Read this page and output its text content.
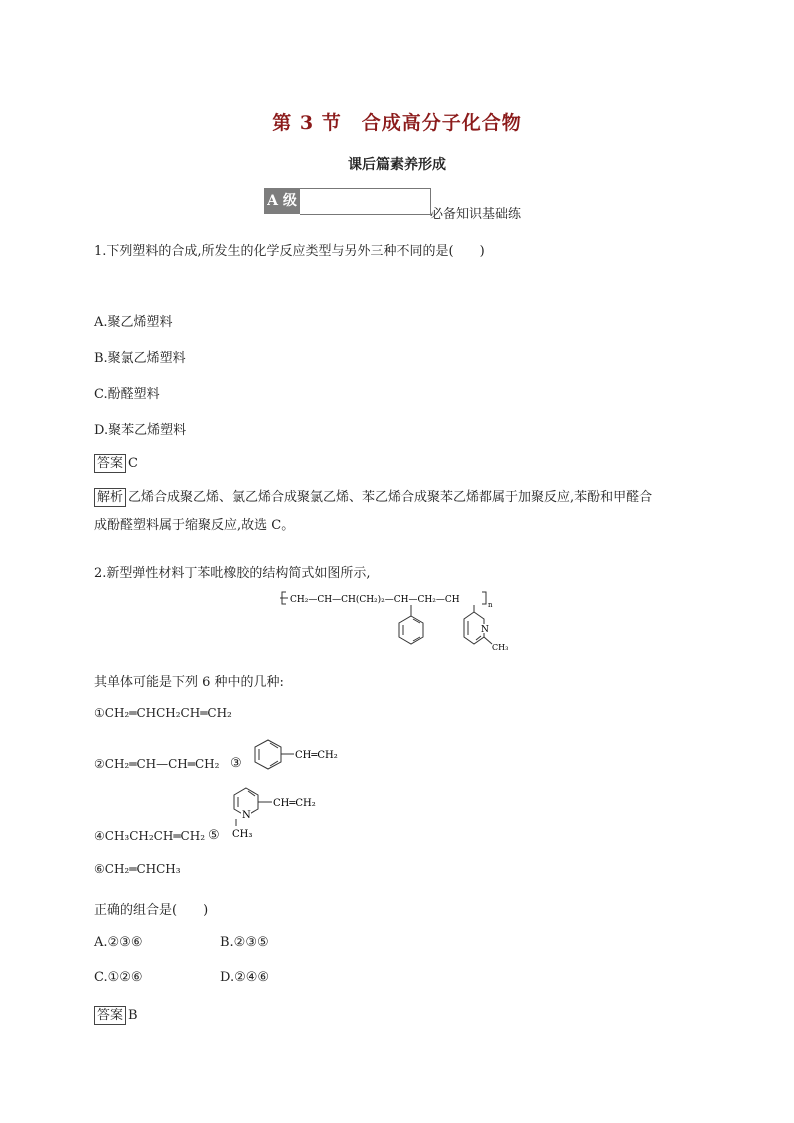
第 3 节　合成高分子化合物
课后篇素养形成
A 级
必备知识基础练
1.下列塑料的合成,所发生的化学反应类型与另外三种不同的是(　　)
A.聚乙烯塑料
B.聚氯乙烯塑料
C.酚醛塑料
D.聚苯乙烯塑料
答案 C
解析 乙烯合成聚乙烯、氯乙烯合成聚氯乙烯、苯乙烯合成聚苯乙烯都属于加聚反应,苯酚和甲醛合
成酚醛塑料属于缩聚反应,故选 C。
2.新型弹性材料丁苯吡橡胶的结构简式如图所示,
CH₂—CH—CH(CH₂)₂—CH—CH₂—CH	n
N
CH₃
其单体可能是下列 6 种中的几种:
①CH₂═CHCH₂CH═CH₂
②CH₂═CH—CH═CH₂ ③
CH═CH₂
N
CH═CH₂
CH₃
④CH₃CH₂CH═CH₂ ⑤
⑥CH₂═CHCH₃
正确的组合是(　　)
A.②③⑥	B.②③⑤
C.①②⑥	D.②④⑥
答案 B
